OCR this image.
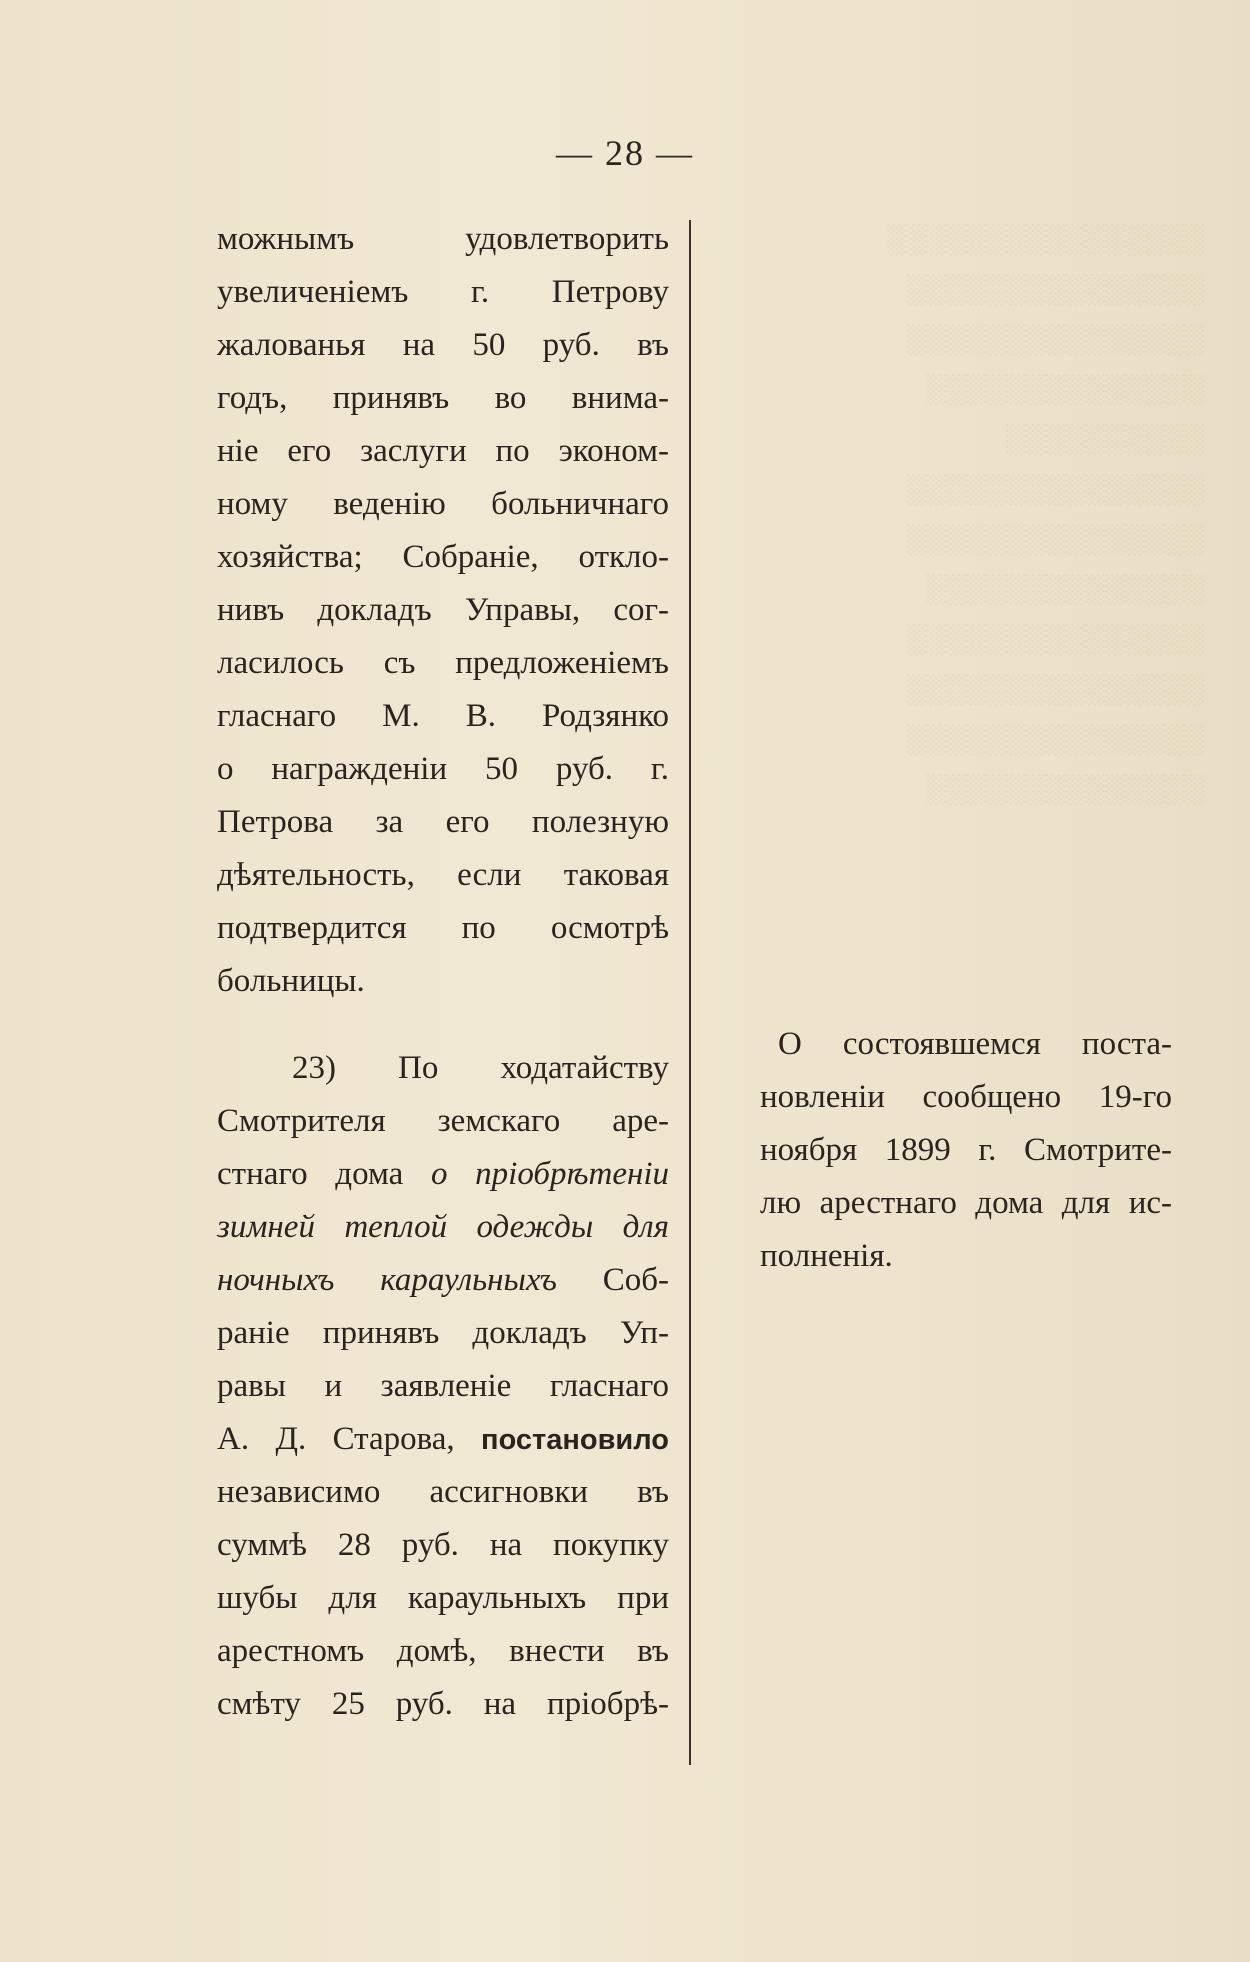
░░░░░░░░░░░░░░░░
░░░░░░░░░░░░░░░
░░░░░░░░░░░░░░░
░░░░░░░░░░░░░░
░░░░░░░░░░
░░░░░░░░░░░░░░░
░░░░░░░░░░░░░░░
░░░░░░░░░░░░░░
░░░░░░░░░░░░░░░
░░░░░░░░░░░░░░░
░░░░░░░░░░░░░░░
░░░░░░░░░░░░░░
— 28 —
можнымъ удовлетворить
увеличеніемъ г. Петрову
жалованья на 50 руб. въ
годъ, принявъ во внима-
ніе его заслуги по эконом-
ному веденію больничнаго
хозяйства; Собраніе, откло-
нивъ докладъ Управы, сог-
ласилось съ предложеніемъ
гласнаго М. В. Родзянко
о награжденіи 50 руб. г.
Петрова за его полезную
дѣятельность, если таковая
подтвердится по осмотрѣ
больницы.
23) По ходатайству
Смотрителя земскаго аре-
стнаго дома о пріобрѣтеніи
зимней теплой одежды для
ночныхъ караульныхъ Соб-
раніе принявъ докладъ Уп-
равы и заявленіе гласнаго
А. Д. Старова, постановило
независимо ассигновки въ
суммѣ 28 руб. на покупку
шубы для караульныхъ при
арестномъ домѣ, внести въ
смѣту 25 руб. на пріобрѣ-
О состоявшемся поста-
новленіи сообщено 19-го
ноября 1899 г. Смотрите-
лю арестнаго дома для ис-
полненія.
